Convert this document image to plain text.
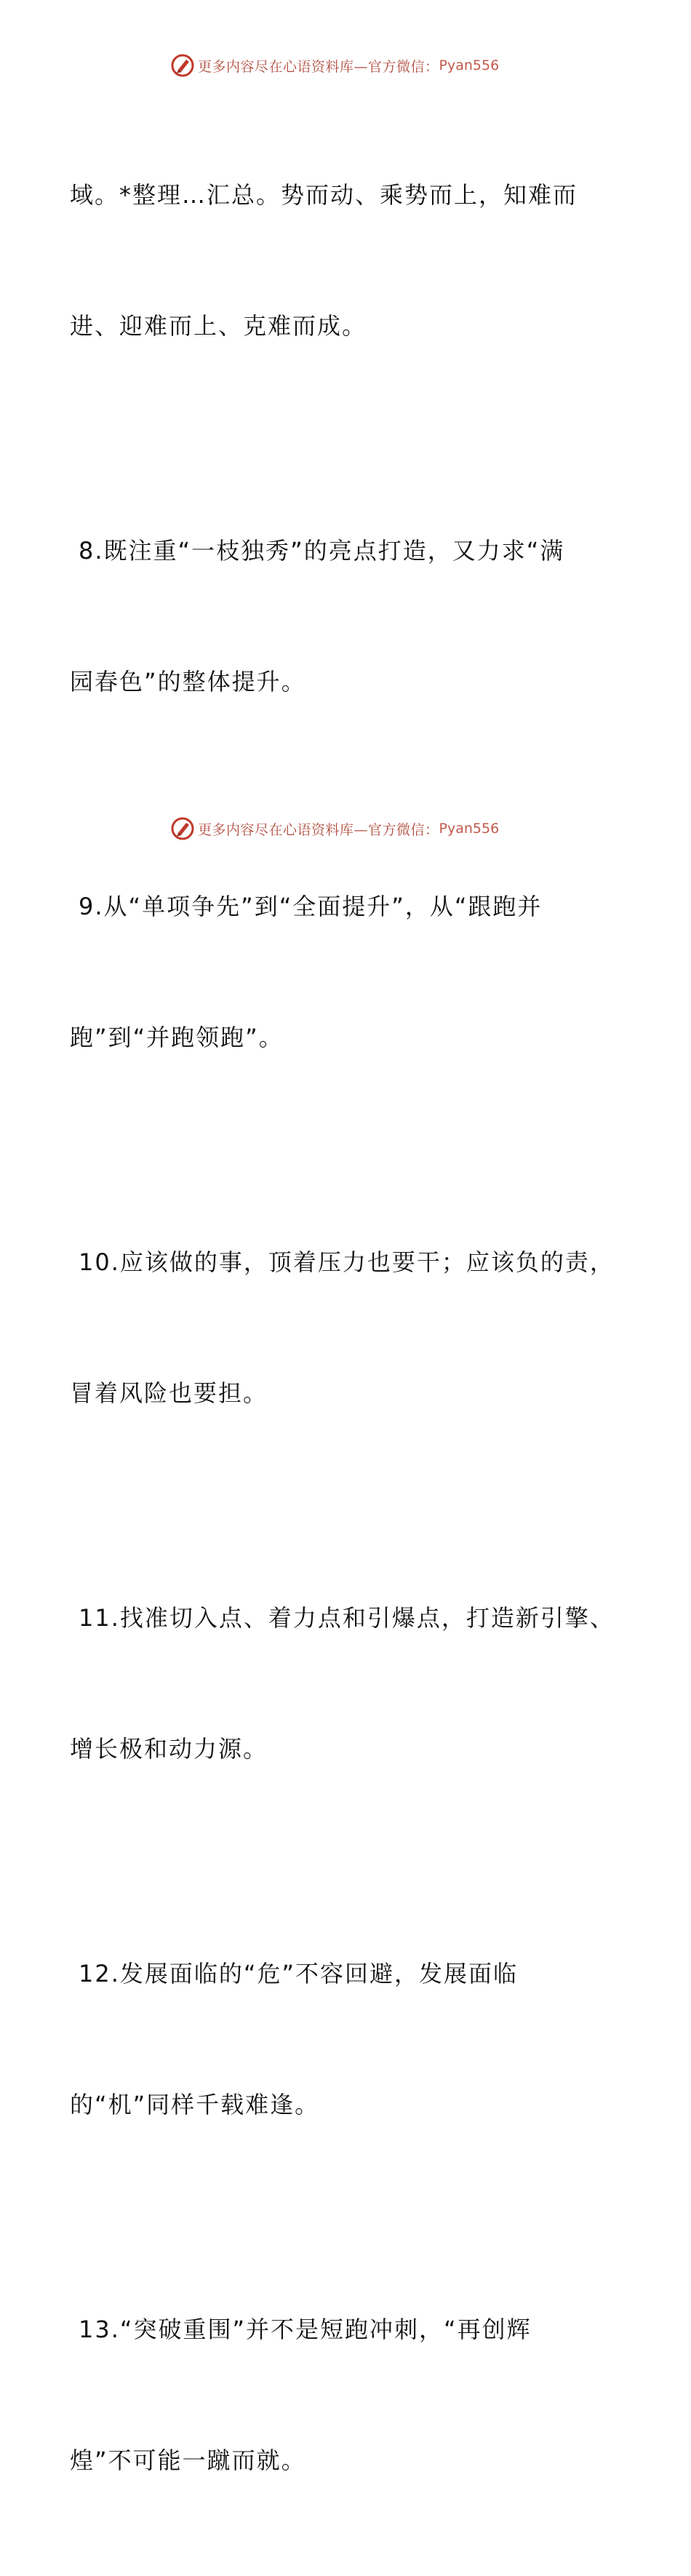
更多内容尽在心语资料库—官方微信： Pyan556

域。*整理…汇总。势而动、乘势而上，知难而

进、迎难而上、克难而成。

8.既注重“一枝独秀”的亮点打造，又力求“满

园春色”的整体提升。

9.从“单项争先”到“全面提升”，从“跟跑并

跑”到“并跑领跑”。

10.应该做的事，顶着压力也要干；应该负的责，

冒着风险也要担。

11.找准切入点、着力点和引爆点，打造新引擎、

增长极和动力源。

12.发展面临的“危”不容回避，发展面临

的“机”同样千载难逢。

13.“突破重围”并不是短跑冲刺，“再创辉

煌”不可能一蹴而就。

更多内容尽在心语资料库—官方微信： Pyan556
